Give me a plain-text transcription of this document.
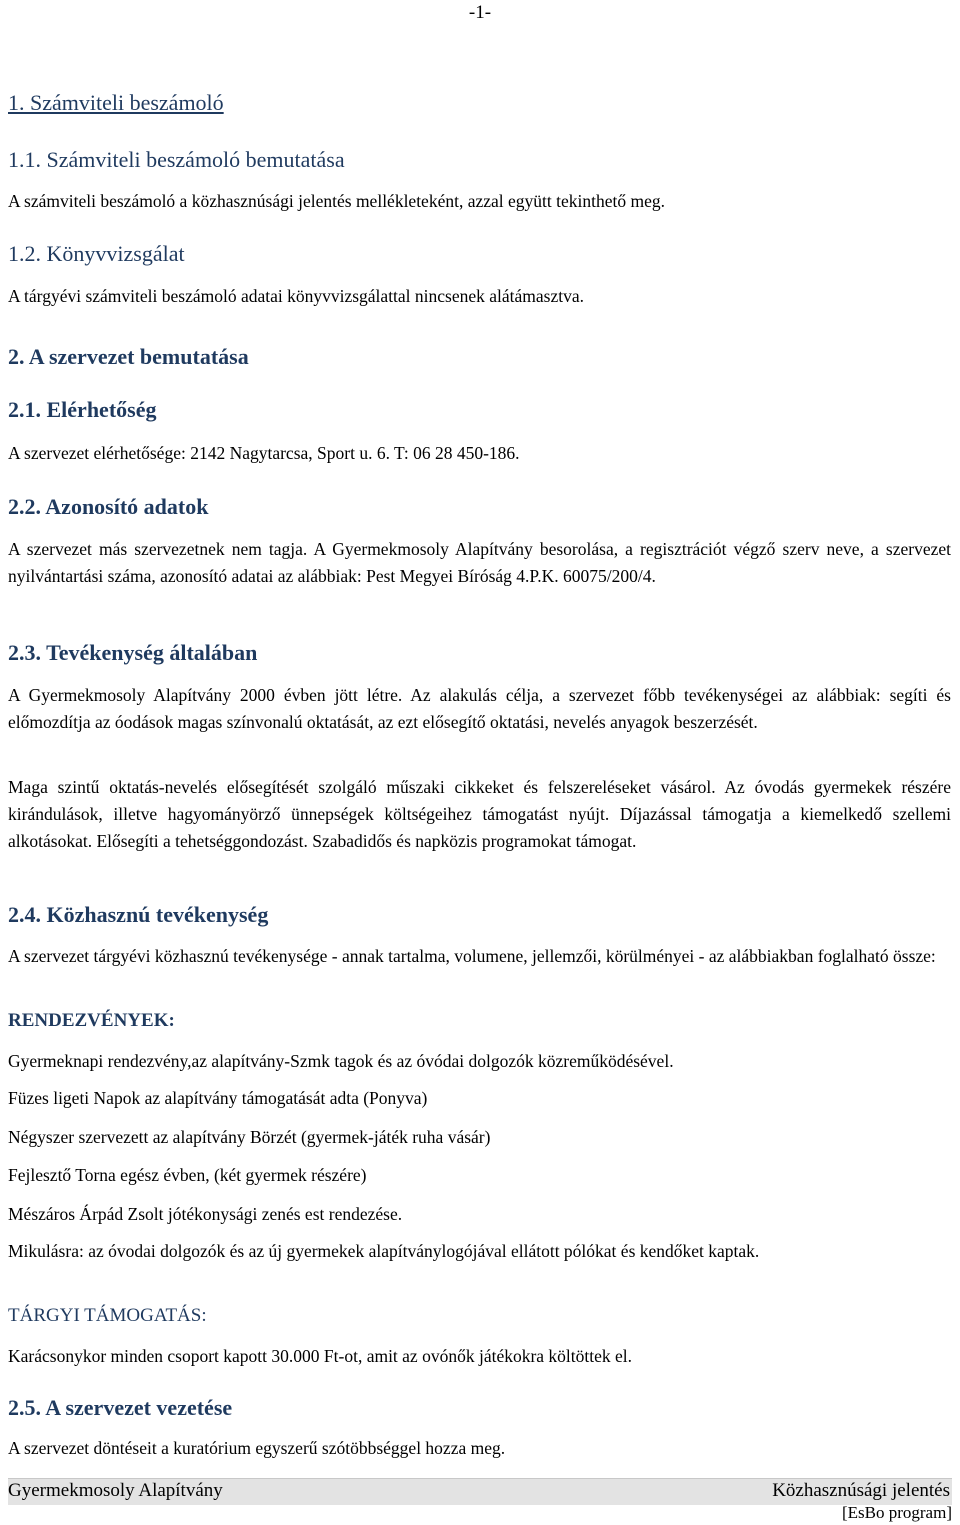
-1-
1. Számviteli beszámoló
1.1. Számviteli beszámoló bemutatása
A számviteli beszámoló a közhasznúsági jelentés mellékleteként, azzal együtt tekinthető meg.
1.2. Könyvvizsgálat
A tárgyévi számviteli beszámoló adatai könyvvizsgálattal nincsenek alátámasztva.
2. A szervezet bemutatása
2.1. Elérhetőség
A szervezet elérhetősége: 2142 Nagytarcsa, Sport u. 6. T: 06 28 450-186.
2.2. Azonosító adatok
A szervezet más szervezetnek nem tagja. A Gyermekmosoly Alapítvány besorolása, a regisztrációt végző szerv neve, a szervezet nyilvántartási száma, azonosító adatai az alábbiak: Pest Megyei Bíróság 4.P.K. 60075/200/4.
2.3. Tevékenység általában
A Gyermekmosoly Alapítvány 2000 évben jött létre. Az alakulás célja, a szervezet főbb tevékenységei az alábbiak: segíti és előmozdítja az óodások magas színvonalú oktatását, az ezt elősegítő oktatási, nevelés anyagok beszerzését.
Maga szintű oktatás-nevelés elősegítését szolgáló műszaki cikkeket és felszereléseket vásárol. Az óvodás gyermekek részére kirándulások, illetve hagyományörző ünnepségek költségeihez támogatást nyújt. Díjazással támogatja a kiemelkedő szellemi alkotásokat. Elősegíti a tehetséggondozást. Szabadidős és napközis programokat támogat.
2.4. Közhasznú tevékenység
A szervezet tárgyévi közhasznú tevékenysége - annak tartalma, volumene, jellemzői, körülményei - az alábbiakban foglalható össze:
RENDEZVÉNYEK:
Gyermeknapi rendezvény,az alapítvány-Szmk tagok és az óvódai dolgozók közreműködésével.
Füzes ligeti Napok az alapítvány támogatását adta (Ponyva)
Négyszer szervezett az alapítvány Börzét (gyermek-játék ruha vásár)
Fejlesztő Torna egész évben, (két gyermek részére)
Mészáros Árpád Zsolt jótékonysági zenés est rendezése.
Mikulásra: az óvodai dolgozók és az új gyermekek alapítványlogójával ellátott pólókat és kendőket kaptak.
TÁRGYI TÁMOGATÁS:
Karácsonykor minden csoport kapott 30.000 Ft-ot, amit az ovónők játékokra költöttek el.
2.5. A szervezet vezetése
A szervezet döntéseit a kuratórium egyszerű szótöbbséggel hozza meg.
Gyermekmosoly Alapítvány	Közhasznúsági jelentés
[EsBo program]
